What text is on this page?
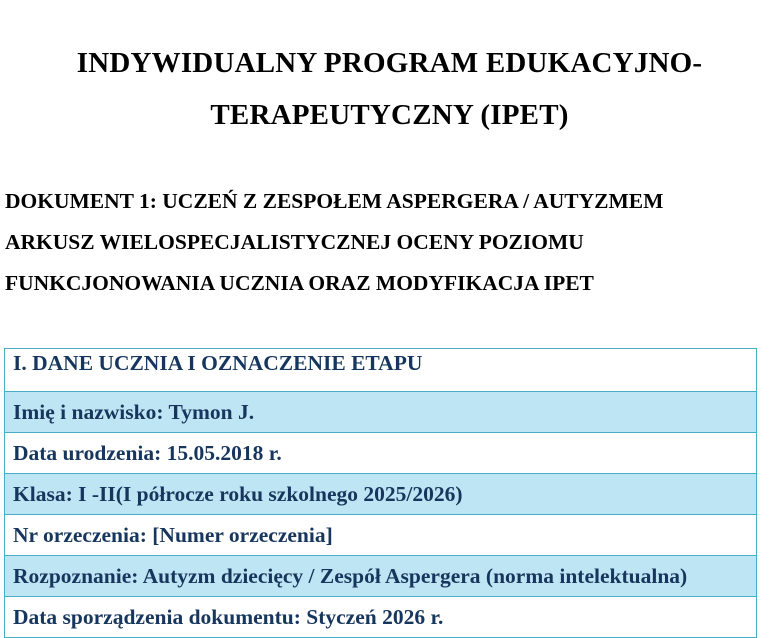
INDYWIDUALNY PROGRAM EDUKACYJNO-
TERAPEUTYCZNY (IPET)
DOKUMENT 1: UCZEŃ Z ZESPOŁEM ASPERGERA / AUTYZMEM
ARKUSZ WIELOSPECJALISTYCZNEJ OCENY POZIOMU
FUNKCJONOWANIA UCZNIA ORAZ MODYFIKACJA IPET
I. DANE UCZNIA I OZNACZENIE ETAPU
Imię i nazwisko: Tymon J.
Data urodzenia: 15.05.2018 r.
Klasa: I -II(I półrocze roku szkolnego 2025/2026)
Nr orzeczenia: [Numer orzeczenia]
Rozpoznanie: Autyzm dziecięcy / Zespół Aspergera (norma intelektualna)
Data sporządzenia dokumentu: Styczeń 2026 r.
